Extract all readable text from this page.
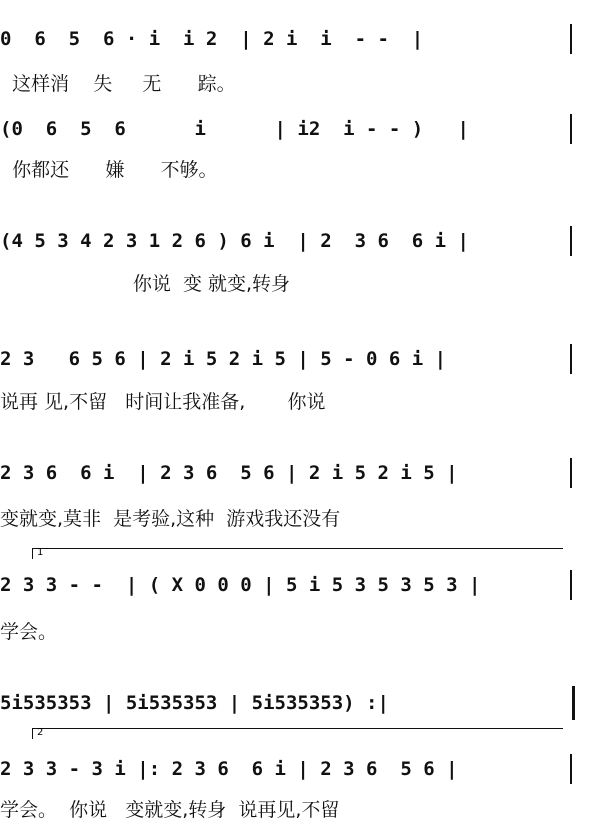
0  6  5  6 · i  i 2  | 2 i  i  - -  |
这样消    失     无      踪。
(0  6  5  6      i      | i2  i - - )   |
你都还      嫌      不够。
(4 5 3 4 2 3 1 2 6 ) 6 i  | 2  3 6  6 i |
你说  变 就变,转身
2 3   6 5 6 | 2 i 5 2 i 5 | 5 - 0 6 i |
说再 见,不留   时间让我准备,       你说
2 3 6  6 i  | 2 3 6  5 6 | 2 i 5 2 i 5 |
变就变,莫非  是考验,这种  游戏我还没有
1
2 3 3 - -  | ( X 0 0 0 | 5 i 5 3 5 3 5 3 |
学会。
5i535353 | 5i535353 | 5i535353) :|
2
2 3 3 - 3 i |: 2 3 6  6 i | 2 3 6  5 6 |
学会。  你说   变就变,转身  说再见,不留
